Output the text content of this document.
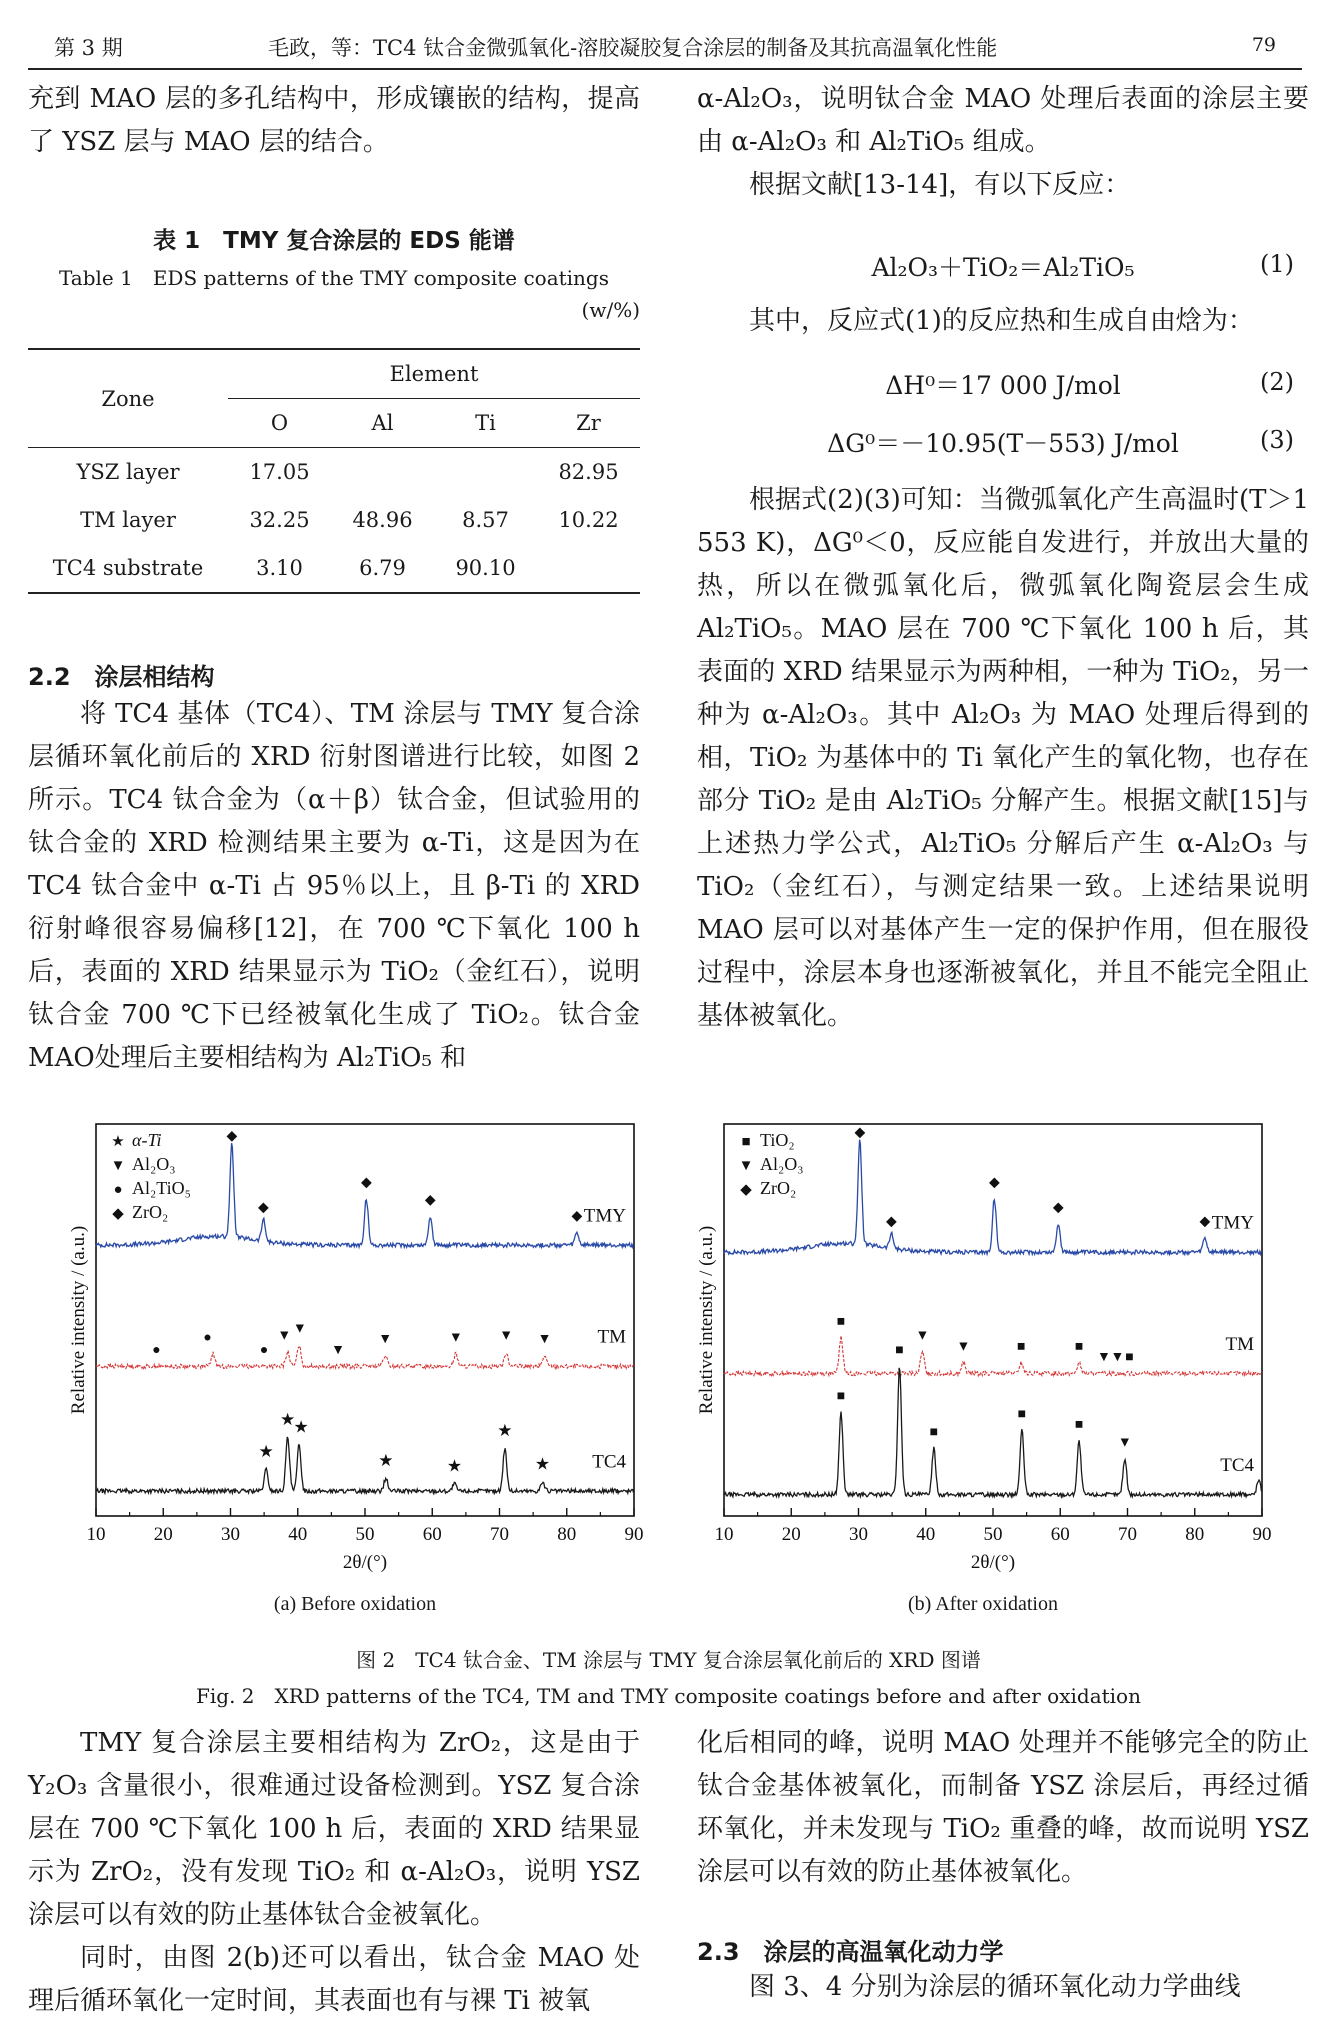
第 3 期	毛政，等：TC4 钛合金微弧氧化-溶胶凝胶复合涂层的制备及其抗高温氧化性能	79

充到 MAO 层的多孔结构中，形成镶嵌的结构，提高了 YSZ 层与 MAO 层的结合。

表 1　TMY 复合涂层的 EDS 能谱
Table 1　EDS patterns of the TMY composite coatings
(w/%)
Zone	Element			
	O	Al	Ti	Zr
YSZ layer	17.05			82.95
TM layer	32.25	48.96	8.57	10.22
TC4 substrate	3.10	6.79	90.10	
2.2　涂层相结构

将 TC4 基体（TC4）、TM 涂层与 TMY 复合涂层循环氧化前后的 XRD 衍射图谱进行比较，如图 2 所示。TC4 钛合金为（α＋β）钛合金，但试验用的钛合金的 XRD 检测结果主要为 α-Ti，这是因为在 TC4 钛合金中 α-Ti 占 95％以上，且 β-Ti 的 XRD 衍射峰很容易偏移[12]，在 700 ℃下氧化 100 h 后，表面的 XRD 结果显示为 TiO₂（金红石），说明钛合金 700 ℃下已经被氧化生成了 TiO₂。钛合金MAO处理后主要相结构为 Al₂TiO₅ 和

α-Al₂O₃，说明钛合金 MAO 处理后表面的涂层主要由 α-Al₂O₃ 和 Al₂TiO₅ 组成。

根据文献[13-14]，有以下反应：

Al₂O₃＋TiO₂＝Al₂TiO₅	(1)

其中，反应式(1)的反应热和生成自由焓为：

ΔH⁰＝17 000 J/mol	(2)
ΔG⁰＝－10.95(T－553) J/mol	(3)

根据式(2)(3)可知：当微弧氧化产生高温时(T＞1 553 K)，ΔG⁰＜0，反应能自发进行，并放出大量的热，所以在微弧氧化后，微弧氧化陶瓷层会生成 Al₂TiO₅。MAO 层在 700 ℃下氧化 100 h 后，其表面的 XRD 结果显示为两种相，一种为 TiO₂，另一种为 α-Al₂O₃。其中 Al₂O₃ 为 MAO 处理后得到的相，TiO₂ 为基体中的 Ti 氧化产生的氧化物，也存在部分 TiO₂ 是由 Al₂TiO₅ 分解产生。根据文献[15]与上述热力学公式，Al₂TiO₅ 分解后产生 α-Al₂O₃ 与 TiO₂（金红石），与测定结果一致。上述结果说明 MAO 层可以对基体产生一定的保护作用，但在服役过程中，涂层本身也逐渐被氧化，并且不能完全阻止基体被氧化。

10	20	30	40	50	60	70	80	90
2θ/(°)
Relative intensity / (a.u.)
TMY
◆
◆
◆
◆
◆
TM
●
●
●
▼ ▼
▼
▼	▼	▼ ▼
TC4
★
★
★
★	★
★
★
★ α-Ti
▼ Al₂O₃
● Al₂TiO₅
◆ ZrO₂
10	20	30	40	50	60	70	80	90
2θ/(°)
Relative intensity / (a.u.)
TMY
◆
◆
◆
◆
◆
TM
■
▼
▼	■	■
▼ ▼ ■
TC4
■
■
■
■
■
▼
■ TiO₂
▼ Al₂O₃
◆ ZrO₂
(a) Before oxidation	(b) After oxidation
图 2　TC4 钛合金、TM 涂层与 TMY 复合涂层氧化前后的 XRD 图谱
Fig. 2　XRD patterns of the TC4, TM and TMY composite coatings before and after oxidation

TMY 复合涂层主要相结构为 ZrO₂，这是由于 Y₂O₃ 含量很小，很难通过设备检测到。YSZ 复合涂层在 700 ℃下氧化 100 h 后，表面的 XRD 结果显示为 ZrO₂，没有发现 TiO₂ 和 α-Al₂O₃，说明 YSZ 涂层可以有效的防止基体钛合金被氧化。

同时，由图 2(b)还可以看出，钛合金 MAO 处理后循环氧化一定时间，其表面也有与裸 Ti 被氧

化后相同的峰，说明 MAO 处理并不能够完全的防止钛合金基体被氧化，而制备 YSZ 涂层后，再经过循环氧化，并未发现与 TiO₂ 重叠的峰，故而说明 YSZ 涂层可以有效的防止基体被氧化。

2.3　涂层的高温氧化动力学

图 3、4 分别为涂层的循环氧化动力学曲线
